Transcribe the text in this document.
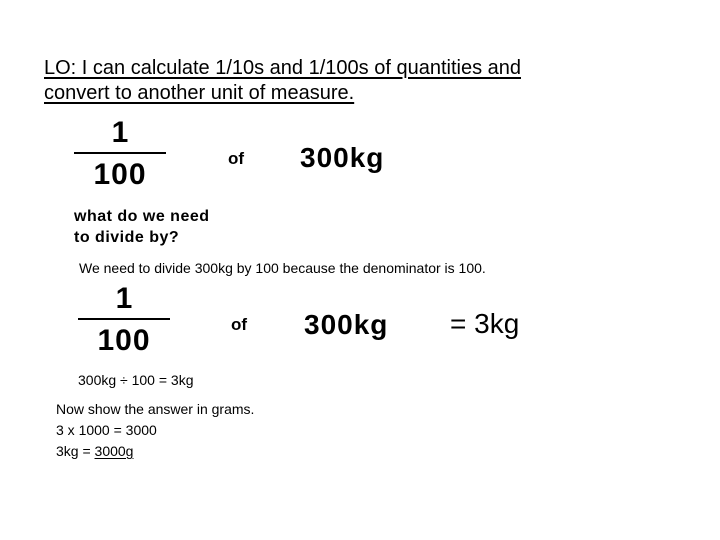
LO: I can calculate 1/10s and 1/100s of quantities and
convert to another unit of measure.
1
100	of 300kg
what do we need
to divide by?
We need to divide 300kg by 100 because the denominator is 100.
1
100	of 300kg = 3kg
300kg ÷ 100 = 3kg
Now show the answer in grams.
3 x 1000 = 3000
3kg = 3000g
